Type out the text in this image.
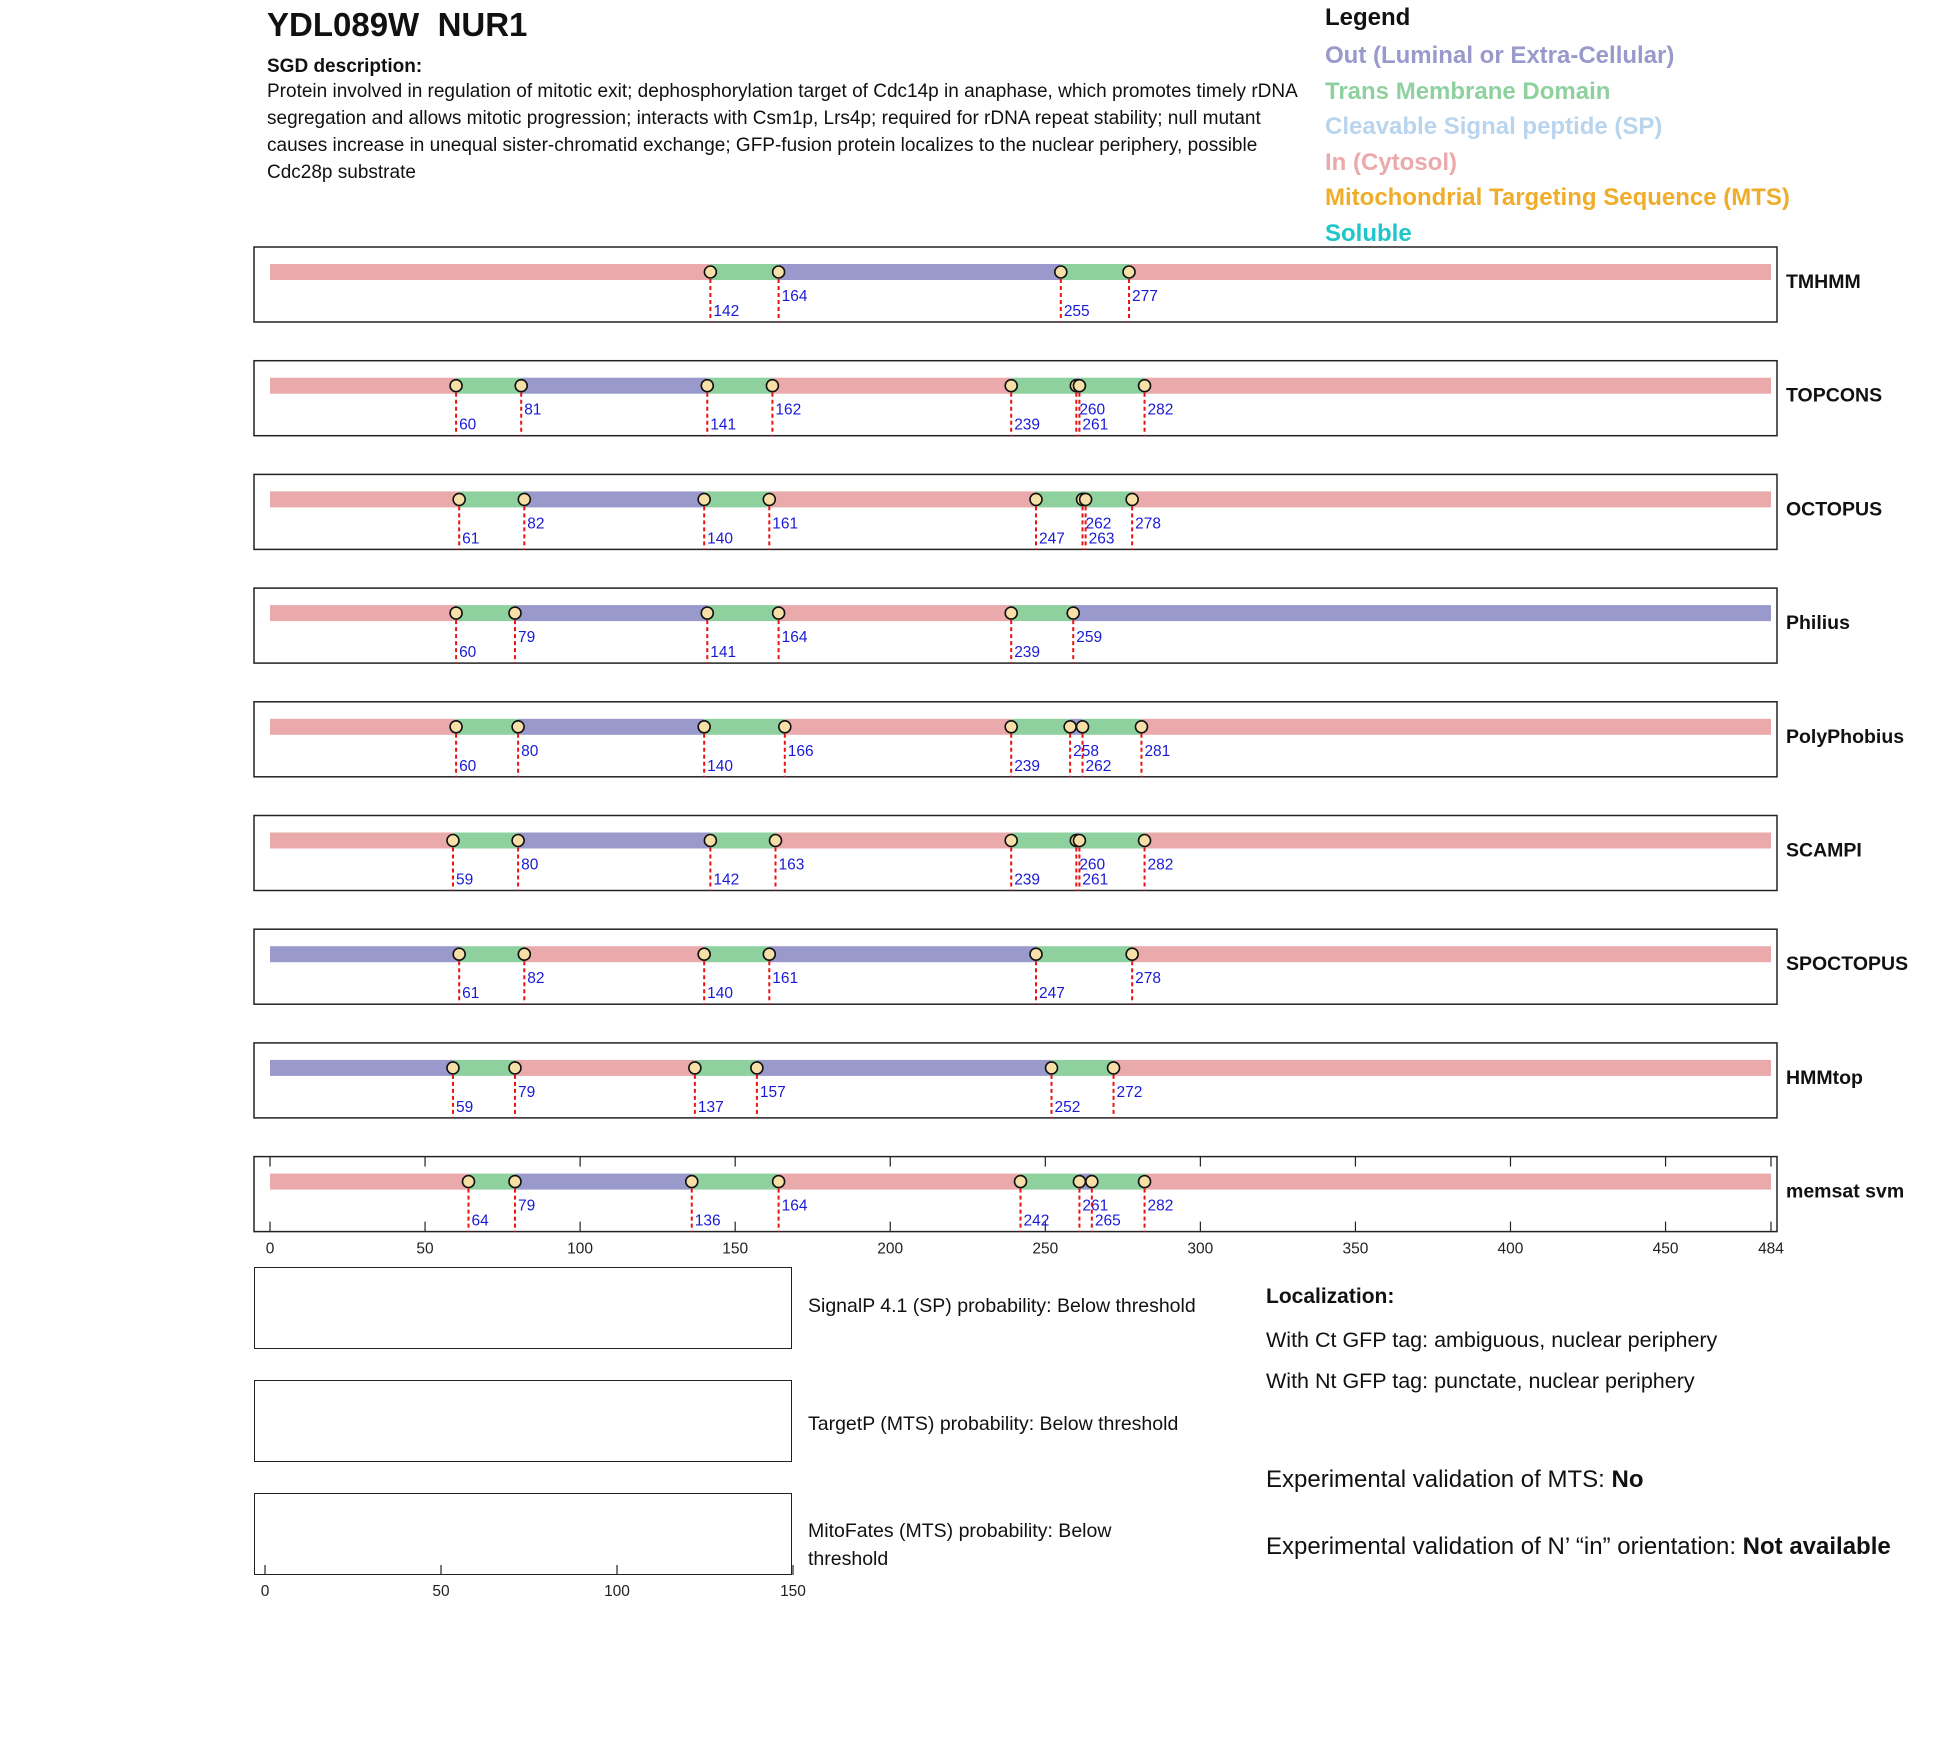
YDL089W NUR1
SGD description:
Protein involved in regulation of mitotic exit; dephosphorylation target of Cdc14p in anaphase, which promotes timely rDNA segregation and allows mitotic progression; interacts with Csm1p, Lrs4p; required for rDNA repeat stability; null mutant causes increase in unequal sister-chromatid exchange; GFP-fusion protein localizes to the nuclear periphery, possible Cdc28p substrate
Legend
Out (Luminal or Extra-Cellular)
Trans Membrane Domain
Cleavable Signal peptide (SP)
In (Cytosol)
Mitochondrial Targeting Sequence (MTS)
Soluble
142
164
255
277
TMHMM
60
81
141
162
239
260
261
282
TOPCONS
61
82
140
161
247
262
263
278
OCTOPUS
60
79
141
164
239
259
Philius
60
80
140
166
239
258
262
281
PolyPhobius
59
80
142
163
239
260
261
282
SCAMPI
61
82
140
161
247
278
SPOCTOPUS
59
79
137
157
252
272
HMMtop
64
79
136
164
242
261
265
282
memsat svm
0	50	100	150	200	250	300	350	400	450	484
SignalP 4.1 (SP) probability: Below threshold
TargetP (MTS) probability: Below threshold
MitoFates (MTS) probability: Below threshold
0	50	100	150
Localization:
With Ct GFP tag: ambiguous, nuclear periphery
With Nt GFP tag: punctate, nuclear periphery
Experimental validation of MTS: No
Experimental validation of N’ “in” orientation: Not available
